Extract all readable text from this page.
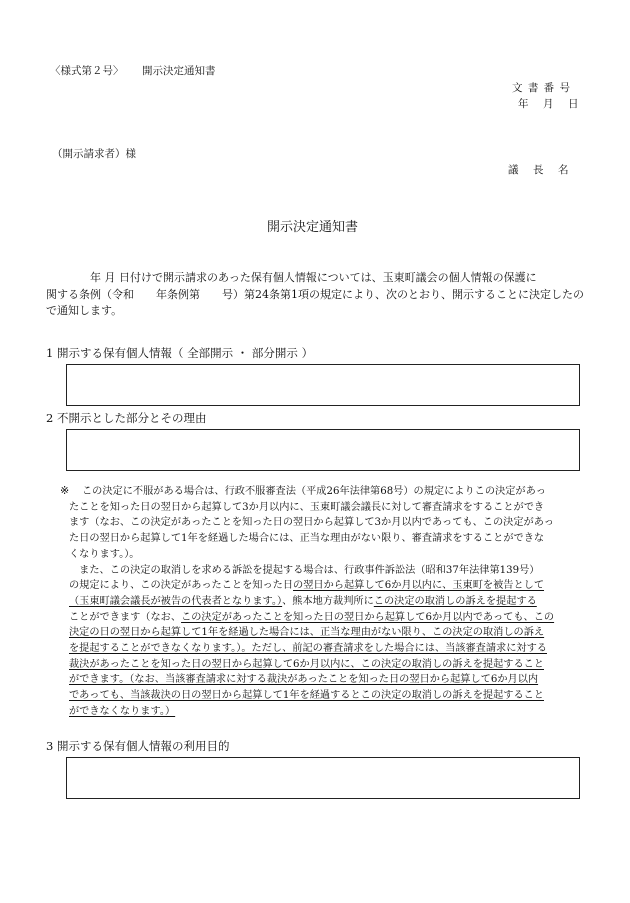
〈様式第２号〉 開示決定通知書

文 書 番 号

年　月　日

（開示請求者）様

議　長　名

開示決定通知書

　　　　年 月 日付けで開示請求のあった保有個人情報については、玉東町議会の個人情報の保護に
関する条例（令和　　年条例第　　号）第24条第1項の規定により、次のとおり、開示することに決定したの
で通知します。

1 開示する保有個人情報（ 全部開示 ・ 部分開示 ）

2 不開示とした部分とその理由

※	この決定に不服がある場合は、行政不服審査法（平成26年法律第68号）の規定によりこの決定があっ
たことを知った日の翌日から起算して3か月以内に、玉東町議会議長に対して審査請求をすることができ
ます（なお、この決定があったことを知った日の翌日から起算して3か月以内であっても、この決定があっ
た日の翌日から起算して1年を経過した場合には、正当な理由がない限り、審査請求をすることができな
くなります。）。
　また、この決定の取消しを求める訴訟を提起する場合は、行政事件訴訟法（昭和37年法律第139号）
の規定により、この決定があったことを知った日の翌日から起算して6か月以内に、玉東町を被告として
（玉東町議会議長が被告の代表者となります。）、熊本地方裁判所にこの決定の取消しの訴えを提起する
ことができます（なお、この決定があったことを知った日の翌日から起算して6か月以内であっても、この
決定の日の翌日から起算して1年を経過した場合には、正当な理由がない限り、この決定の取消しの訴え
を提起することができなくなります。）。ただし、前記の審査請求をした場合には、当該審査請求に対する
裁決があったことを知った日の翌日から起算して6か月以内に、この決定の取消しの訴えを提起すること
ができます。（なお、当該審査請求に対する裁決があったことを知った日の翌日から起算して6か月以内
であっても、当該裁決の日の翌日から起算して1年を経過するとこの決定の取消しの訴えを提起すること
ができなくなります。）

3 開示する保有個人情報の利用目的
